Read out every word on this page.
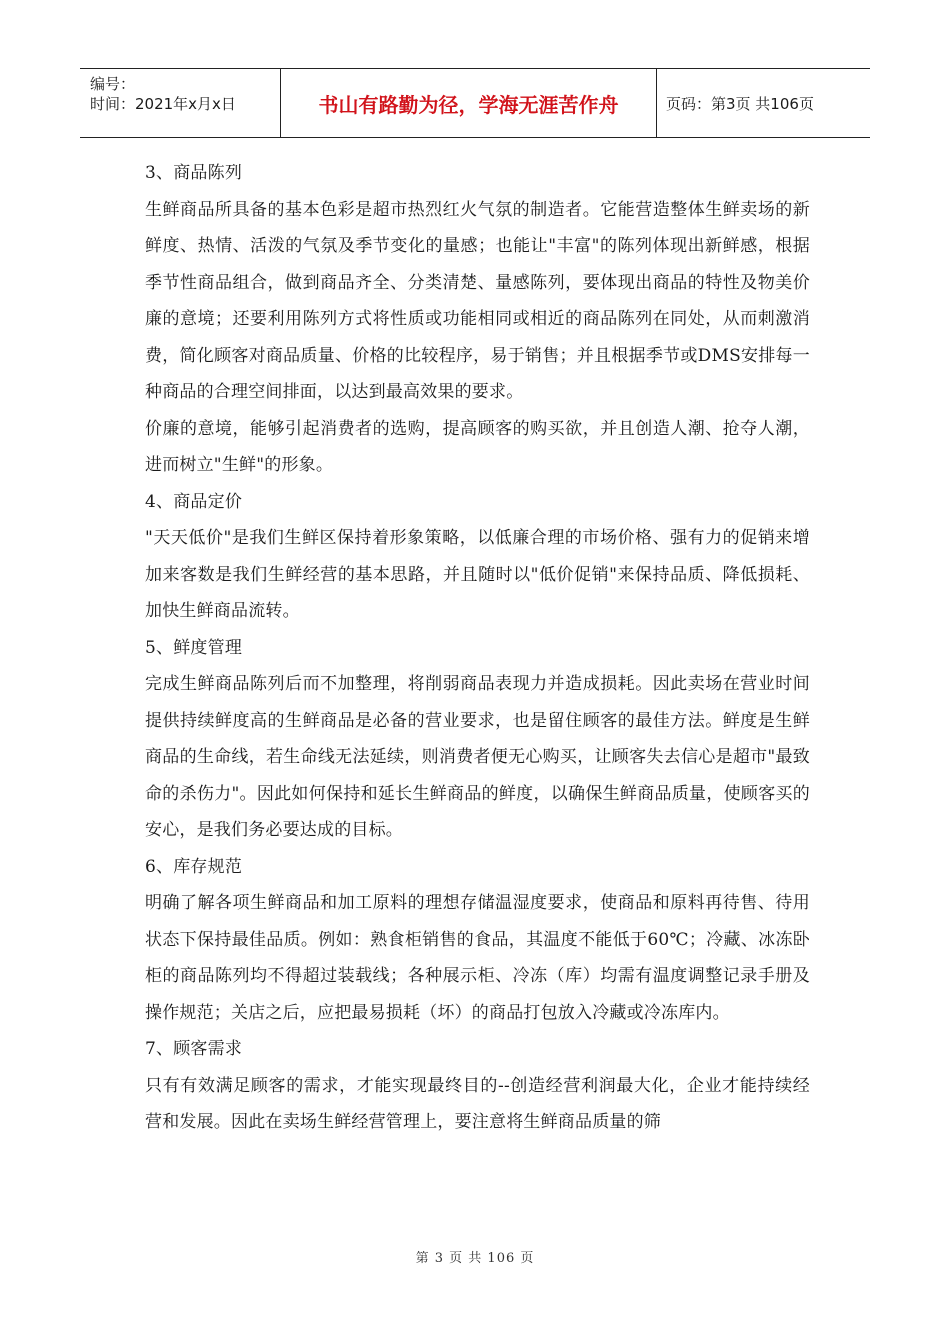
编号：
时间：2021年x月x日	书山有路勤为径，学海无涯苦作舟	页码：第3页 共106页

3、商品陈列

生鲜商品所具备的基本色彩是超市热烈红火气氛的制造者。它能营造整体生鲜卖场的新鲜度、热情、活泼的气氛及季节变化的量感；也能让"丰富"的陈列体现出新鲜感，根据季节性商品组合，做到商品齐全、分类清楚、量感陈列，要体现出商品的特性及物美价廉的意境；还要利用陈列方式将性质或功能相同或相近的商品陈列在同处，从而刺激消费，简化顾客对商品质量、价格的比较程序，易于销售；并且根据季节或DMS安排每一种商品的合理空间排面，以达到最高效果的要求。

价廉的意境，能够引起消费者的选购，提高顾客的购买欲，并且创造人潮、抢夺人潮，进而树立"生鲜"的形象。

4、商品定价

"天天低价"是我们生鲜区保持着形象策略，以低廉合理的市场价格、强有力的促销来增加来客数是我们生鲜经营的基本思路，并且随时以"低价促销"来保持品质、降低损耗、加快生鲜商品流转。

5、鲜度管理

完成生鲜商品陈列后而不加整理，将削弱商品表现力并造成损耗。因此卖场在营业时间提供持续鲜度高的生鲜商品是必备的营业要求，也是留住顾客的最佳方法。鲜度是生鲜商品的生命线，若生命线无法延续，则消费者便无心购买，让顾客失去信心是超市"最致命的杀伤力"。因此如何保持和延长生鲜商品的鲜度，以确保生鲜商品质量，使顾客买的安心，是我们务必要达成的目标。

6、库存规范

明确了解各项生鲜商品和加工原料的理想存储温湿度要求，使商品和原料再待售、待用状态下保持最佳品质。例如：熟食柜销售的食品，其温度不能低于60℃；冷藏、冰冻卧柜的商品陈列均不得超过装载线；各种展示柜、冷冻（库）均需有温度调整记录手册及操作规范；关店之后，应把最易损耗（坏）的商品打包放入冷藏或冷冻库内。

7、顾客需求

只有有效满足顾客的需求，才能实现最终目的--创造经营利润最大化，企业才能持续经营和发展。因此在卖场生鲜经营管理上，要注意将生鲜商品质量的筛

第 3 页 共 106 页
